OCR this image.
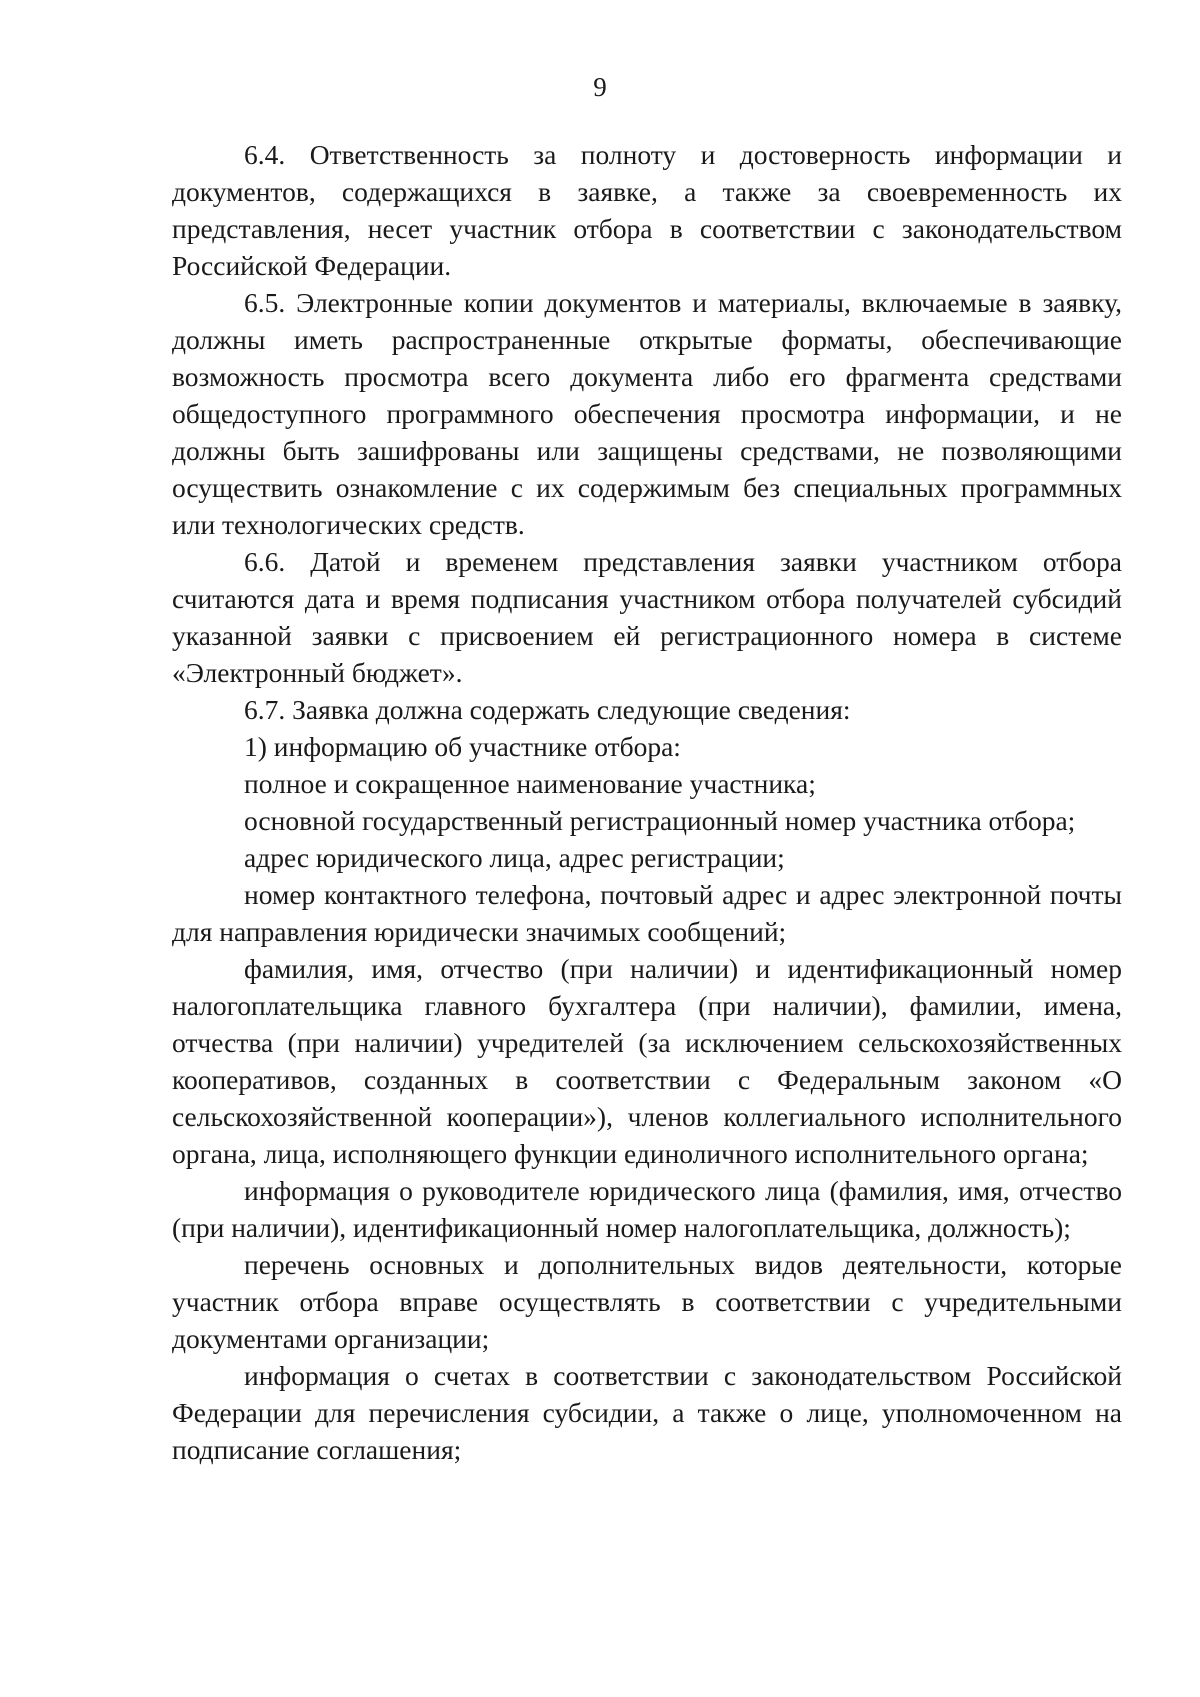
9

6.4. Ответственность за полноту и достоверность информации и документов, содержащихся в заявке, а также за своевременность их представления, несет участник отбора в соответствии с законодательством Российской Федерации.

6.5. Электронные копии документов и материалы, включаемые в заявку, должны иметь распространенные открытые форматы, обеспечивающие возможность просмотра всего документа либо его фрагмента средствами общедоступного программного обеспечения просмотра информации, и не должны быть зашифрованы или защищены средствами, не позволяющими осуществить ознакомление с их содержимым без специальных программных или технологических средств.

6.6. Датой и временем представления заявки участником отбора считаются дата и время подписания участником отбора получателей субсидий указанной заявки с присвоением ей регистрационного номера в системе «Электронный бюджет».

6.7. Заявка должна содержать следующие сведения:

1) информацию об участнике отбора:

полное и сокращенное наименование участника;

основной государственный регистрационный номер участника отбора;

адрес юридического лица, адрес регистрации;

номер контактного телефона, почтовый адрес и адрес электронной почты для направления юридически значимых сообщений;

фамилия, имя, отчество (при наличии) и идентификационный номер налогоплательщика главного бухгалтера (при наличии), фамилии, имена, отчества (при наличии) учредителей (за исключением сельскохозяйственных кооперативов, созданных в соответствии с Федеральным законом «О сельскохозяйственной кооперации»), членов коллегиального исполнительного органа, лица, исполняющего функции единоличного исполнительного органа;

информация о руководителе юридического лица (фамилия, имя, отчество (при наличии), идентификационный номер налогоплательщика, должность);

перечень основных и дополнительных видов деятельности, которые участник отбора вправе осуществлять в соответствии с учредительными документами организации;

информация о счетах в соответствии с законодательством Российской Федерации для перечисления субсидии, а также о лице, уполномоченном на подписание соглашения;
